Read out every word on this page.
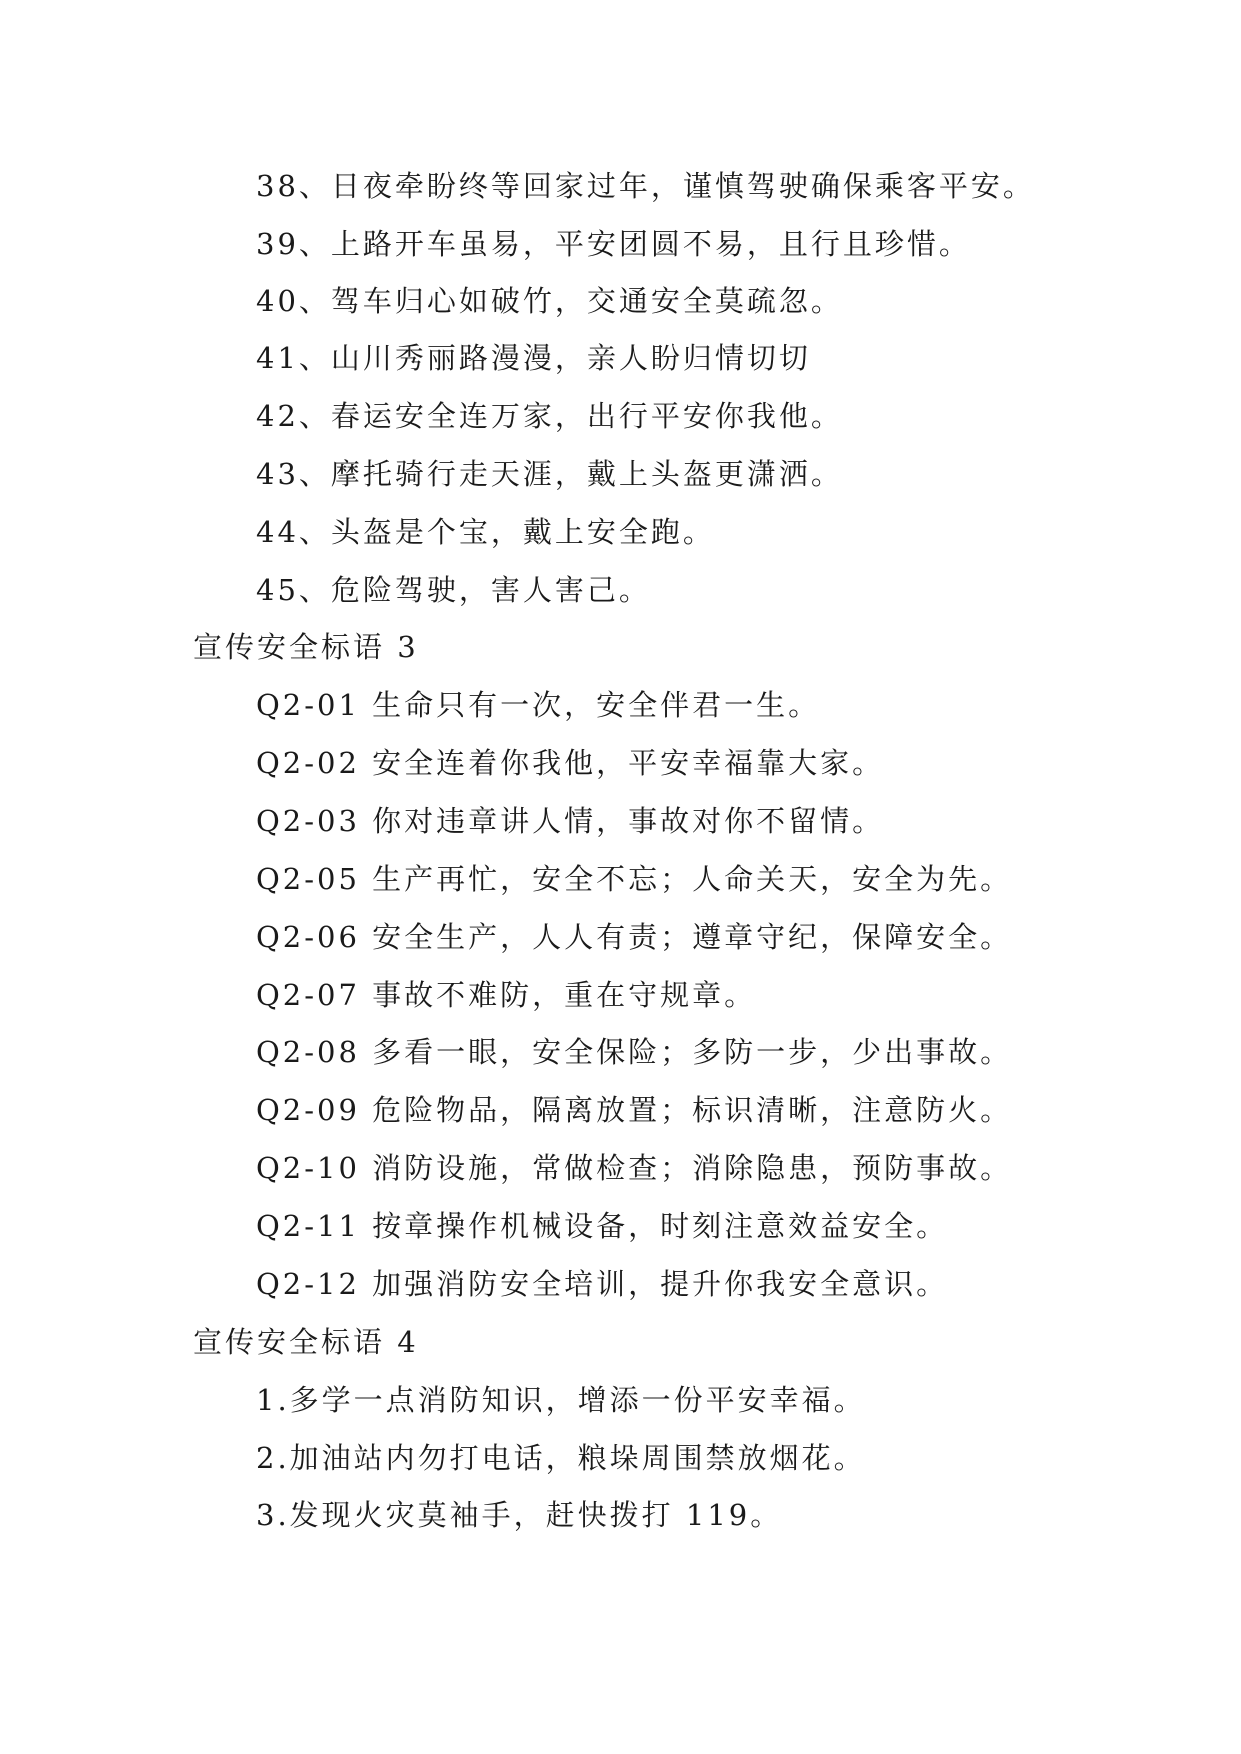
38、日夜牵盼终等回家过年，谨慎驾驶确保乘客平安。
39、上路开车虽易，平安团圆不易，且行且珍惜。
40、驾车归心如破竹，交通安全莫疏忽。
41、山川秀丽路漫漫，亲人盼归情切切
42、春运安全连万家，出行平安你我他。
43、摩托骑行走天涯，戴上头盔更潇洒。
44、头盔是个宝，戴上安全跑。
45、危险驾驶，害人害己。
宣传安全标语 3
Q2-01 生命只有一次，安全伴君一生。
Q2-02 安全连着你我他，平安幸福靠大家。
Q2-03 你对违章讲人情，事故对你不留情。
Q2-05 生产再忙，安全不忘；人命关天，安全为先。
Q2-06 安全生产，人人有责；遵章守纪，保障安全。
Q2-07 事故不难防，重在守规章。
Q2-08 多看一眼，安全保险；多防一步，少出事故。
Q2-09 危险物品，隔离放置；标识清晰，注意防火。
Q2-10 消防设施，常做检查；消除隐患，预防事故。
Q2-11 按章操作机械设备，时刻注意效益安全。
Q2-12 加强消防安全培训，提升你我安全意识。
宣传安全标语 4
1.多学一点消防知识，增添一份平安幸福。
2.加油站内勿打电话，粮垛周围禁放烟花。
3.发现火灾莫袖手，赶快拨打 119。
